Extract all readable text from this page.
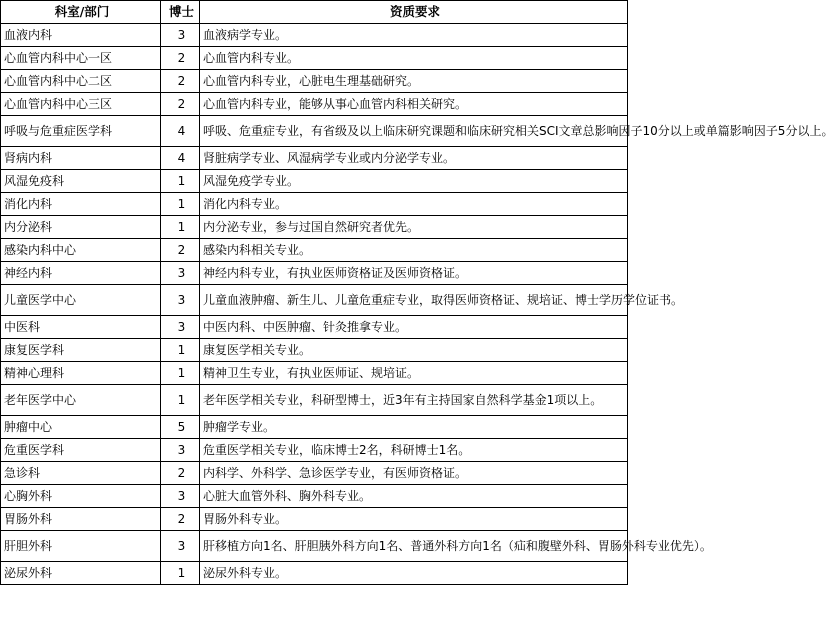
科室/部门	博士	资质要求
血液内科	3	血液病学专业。
心血管内科中心一区	2	心血管内科专业。
心血管内科中心二区	2	心血管内科专业，心脏电生理基础研究。
心血管内科中心三区	2	心血管内科专业，能够从事心血管内科相关研究。
呼吸与危重症医学科	4	呼吸、危重症专业，有省级及以上临床研究课题和临床研究相关SCI文章总影响因子10分以上或单篇影响因子5分以上。
肾病内科	4	肾脏病学专业、风湿病学专业或内分泌学专业。
风湿免疫科	1	风湿免疫学专业。
消化内科	1	消化内科专业。
内分泌科	1	内分泌专业，参与过国自然研究者优先。
感染内科中心	2	感染内科相关专业。
神经内科	3	神经内科专业，有执业医师资格证及医师资格证。
儿童医学中心	3	儿童血液肿瘤、新生儿、儿童危重症专业，取得医师资格证、规培证、博士学历学位证书。
中医科	3	中医内科、中医肿瘤、针灸推拿专业。
康复医学科	1	康复医学相关专业。
精神心理科	1	精神卫生专业，有执业医师证、规培证。
老年医学中心	1	老年医学相关专业，科研型博士，近3年有主持国家自然科学基金1项以上。
肿瘤中心	5	肿瘤学专业。
危重医学科	3	危重医学相关专业，临床博士2名，科研博士1名。
急诊科	2	内科学、外科学、急诊医学专业，有医师资格证。
心胸外科	3	心脏大血管外科、胸外科专业。
胃肠外科	2	胃肠外科专业。
肝胆外科	3	肝移植方向1名、肝胆胰外科方向1名、普通外科方向1名（疝和腹壁外科、胃肠外科专业优先）。
泌尿外科	1	泌尿外科专业。
